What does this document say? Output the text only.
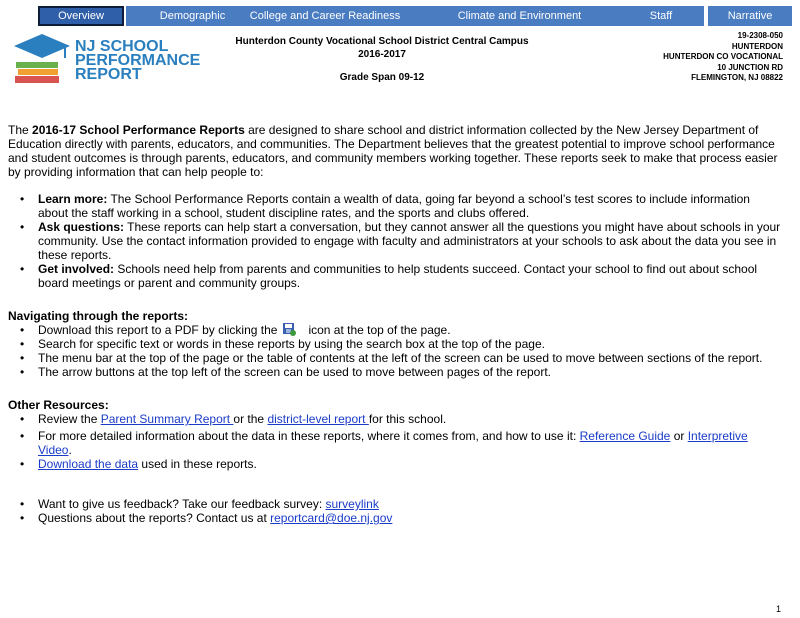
Overview	Demographic	College and Career Readiness	Climate and Environment	Staff	Narrative
NJ SCHOOL
PERFORMANCE
REPORT
Hunterdon County Vocational School District Central Campus
2016-2017
Grade Span 09-12
19-2308-050
HUNTERDON
HUNTERDON CO VOCATIONAL
10 JUNCTION RD
FLEMINGTON, NJ 08822

The 2016-17 School Performance Reports are designed to share school and district information collected by the New Jersey Department of Education directly with parents, educators, and communities. The Department believes that the greatest potential to improve school performance and student outcomes is through parents, educators, and community members working together. These reports seek to make that process easier by providing information that can help people to:

• Learn more: The School Performance Reports contain a wealth of data, going far beyond a school’s test scores to include information about the staff working in a school, student discipline rates, and the sports and clubs offered.
• Ask questions: These reports can help start a conversation, but they cannot answer all the questions you might have about schools in your community. Use the contact information provided to engage with faculty and administrators at your schools to ask about the data you see in these reports.
• Get involved: Schools need help from parents and communities to help students succeed. Contact your school to find out about school board meetings or parent and community groups.

Navigating through the reports:

• Download this report to a PDF by clicking the	icon at the top of the page.
• Search for specific text or words in these reports by using the search box at the top of the page.
• The menu bar at the top of the page or the table of contents at the left of the screen can be used to move between sections of the report.
• The arrow buttons at the top left of the screen can be used to move between pages of the report.

Other Resources:

• Review the Parent Summary Report or the district-level report for this school.
• For more detailed information about the data in these reports, where it comes from, and how to use it: Reference Guide or Interpretive Video.
• Download the data used in these reports.
• Want to give us feedback? Take our feedback survey: surveylink
• Questions about the reports? Contact us at reportcard@doe.nj.gov
1
